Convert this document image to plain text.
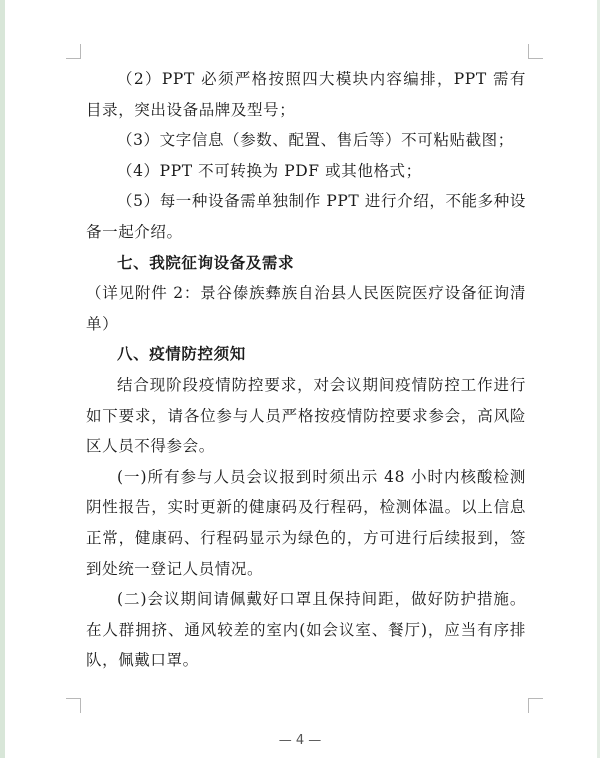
（2）PPT 必须严格按照四大模块内容编排，PPT 需有目录，突出设备品牌及型号；

（3）文字信息（参数、配置、售后等）不可粘贴截图；

（4）PPT 不可转换为 PDF 或其他格式；

（5）每一种设备需单独制作 PPT 进行介绍，不能多种设备一起介绍。

七、我院征询设备及需求

（详见附件 2：景谷傣族彝族自治县人民医院医疗设备征询清单）

八、疫情防控须知

结合现阶段疫情防控要求，对会议期间疫情防控工作进行如下要求，请各位参与人员严格按疫情防控要求参会，高风险区人员不得参会。

(一)所有参与人员会议报到时须出示 48 小时内核酸检测阴性报告，实时更新的健康码及行程码，检测体温。以上信息正常，健康码、行程码显示为绿色的，方可进行后续报到，签到处统一登记人员情况。

(二)会议期间请佩戴好口罩且保持间距，做好防护措施。在人群拥挤、通风较差的室内(如会议室、餐厅)，应当有序排队，佩戴口罩。

— 4 —
